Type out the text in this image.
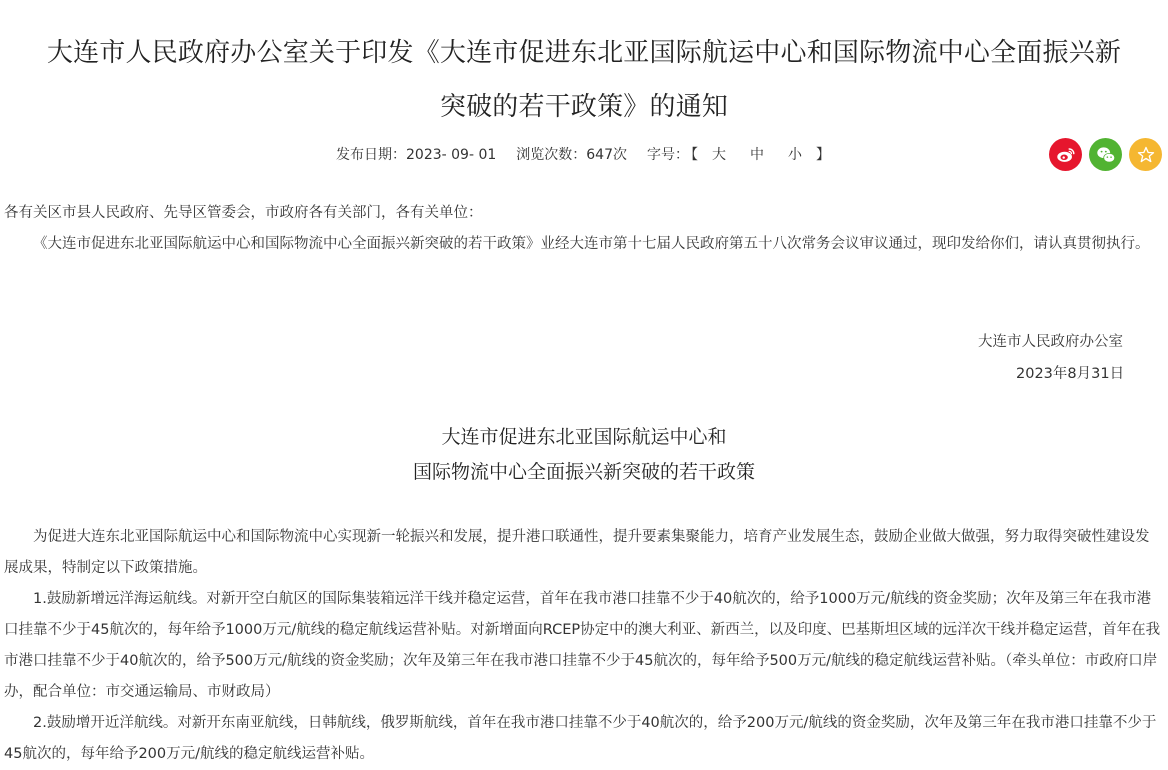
大连市人民政府办公室关于印发《大连市促进东北亚国际航运中心和国际物流中心全面振兴新
突破的若干政策》的通知
发布日期：2023- 09- 01 浏览次数：647次 字号： 【 大 中 小 】

各有关区市县人民政府、先导区管委会，市政府各有关部门，各有关单位：

《大连市促进东北亚国际航运中心和国际物流中心全面振兴新突破的若干政策》业经大连市第十七届人民政府第五十八次常务会议审议通过，现印发给你们，请认真贯彻执行。

大连市人民政府办公室
2023年8月31日
大连市促进东北亚国际航运中心和
国际物流中心全面振兴新突破的若干政策

为促进大连东北亚国际航运中心和国际物流中心实现新一轮振兴和发展，提升港口联通性，提升要素集聚能力，培育产业发展生态，鼓励企业做大做强，努力取得突破性建设发展成果，特制定以下政策措施。

1.鼓励新增远洋海运航线。对新开空白航区的国际集装箱远洋干线并稳定运营，首年在我市港口挂靠不少于40航次的，给予1000万元/航线的资金奖励；次年及第三年在我市港口挂靠不少于45航次的，每年给予1000万元/航线的稳定航线运营补贴。对新增面向RCEP协定中的澳大利亚、新西兰，以及印度、巴基斯坦区域的远洋次干线并稳定运营，首年在我市港口挂靠不少于40航次的，给予500万元/航线的资金奖励；次年及第三年在我市港口挂靠不少于45航次的，每年给予500万元/航线的稳定航线运营补贴。（牵头单位：市政府口岸办，配合单位：市交通运输局、市财政局）

2.鼓励增开近洋航线。对新开东南亚航线，日韩航线，俄罗斯航线，首年在我市港口挂靠不少于40航次的，给予200万元/航线的资金奖励，次年及第三年在我市港口挂靠不少于45航次的，每年给予200万元/航线的稳定航线运营补贴。
